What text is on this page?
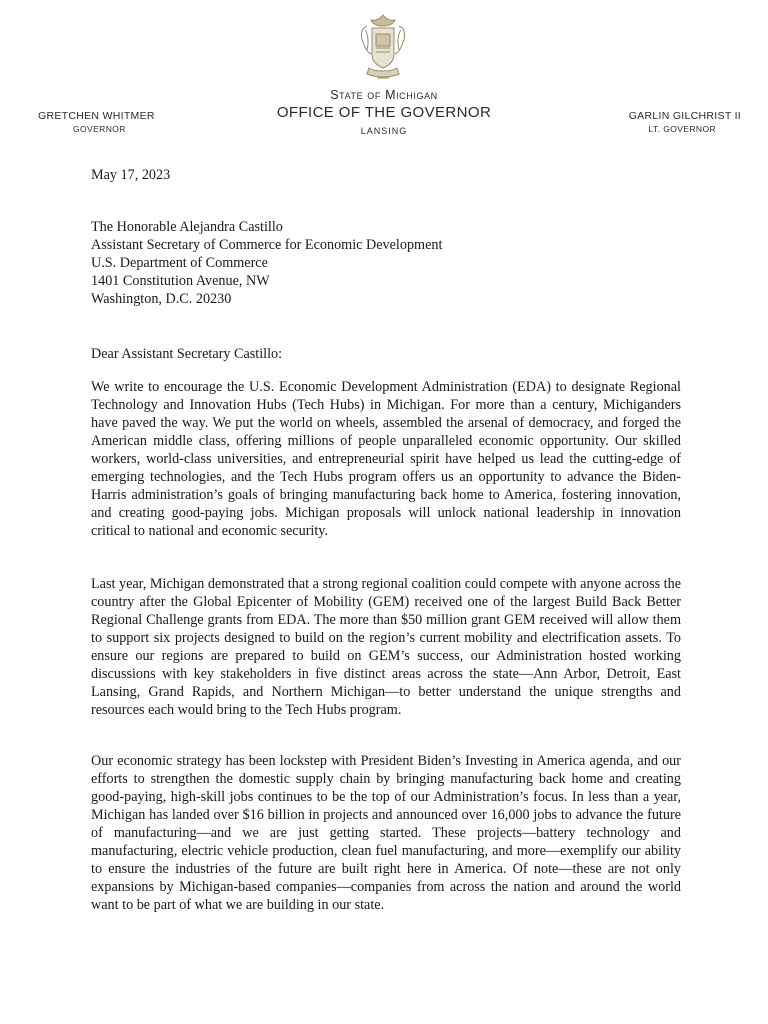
State of Michigan
OFFICE OF THE GOVERNOR
LANSING
GRETCHEN WHITMER
GOVERNOR
GARLIN GILCHRIST II
LT. GOVERNOR
May 17, 2023
The Honorable Alejandra Castillo
Assistant Secretary of Commerce for Economic Development
U.S. Department of Commerce
1401 Constitution Avenue, NW
Washington, D.C. 20230
Dear Assistant Secretary Castillo:

We write to encourage the U.S. Economic Development Administration (EDA) to designate Regional Technology and Innovation Hubs (Tech Hubs) in Michigan. For more than a century, Michiganders have paved the way. We put the world on wheels, assembled the arsenal of democracy, and forged the American middle class, offering millions of people unparalleled economic opportunity. Our skilled workers, world-class universities, and entrepreneurial spirit have helped us lead the cutting-edge of emerging technologies, and the Tech Hubs program offers us an opportunity to advance the Biden-Harris administration’s goals of bringing manufacturing back home to America, fostering innovation, and creating good-paying jobs. Michigan proposals will unlock national leadership in innovation critical to national and economic security.

Last year, Michigan demonstrated that a strong regional coalition could compete with anyone across the country after the Global Epicenter of Mobility (GEM) received one of the largest Build Back Better Regional Challenge grants from EDA. The more than $50 million grant GEM received will allow them to support six projects designed to build on the region’s current mobility and electrification assets. To ensure our regions are prepared to build on GEM’s success, our Administration hosted working discussions with key stakeholders in five distinct areas across the state—Ann Arbor, Detroit, East Lansing, Grand Rapids, and Northern Michigan—to better understand the unique strengths and resources each would bring to the Tech Hubs program.

Our economic strategy has been lockstep with President Biden’s Investing in America agenda, and our efforts to strengthen the domestic supply chain by bringing manufacturing back home and creating good-paying, high-skill jobs continues to be the top of our Administration’s focus. In less than a year, Michigan has landed over $16 billion in projects and announced over 16,000 jobs to advance the future of manufacturing—and we are just getting started. These projects—battery technology and manufacturing, electric vehicle production, clean fuel manufacturing, and more—exemplify our ability to ensure the industries of the future are built right here in America. Of note—these are not only expansions by Michigan-based companies—companies from across the nation and around the world want to be part of what we are building in our state.
